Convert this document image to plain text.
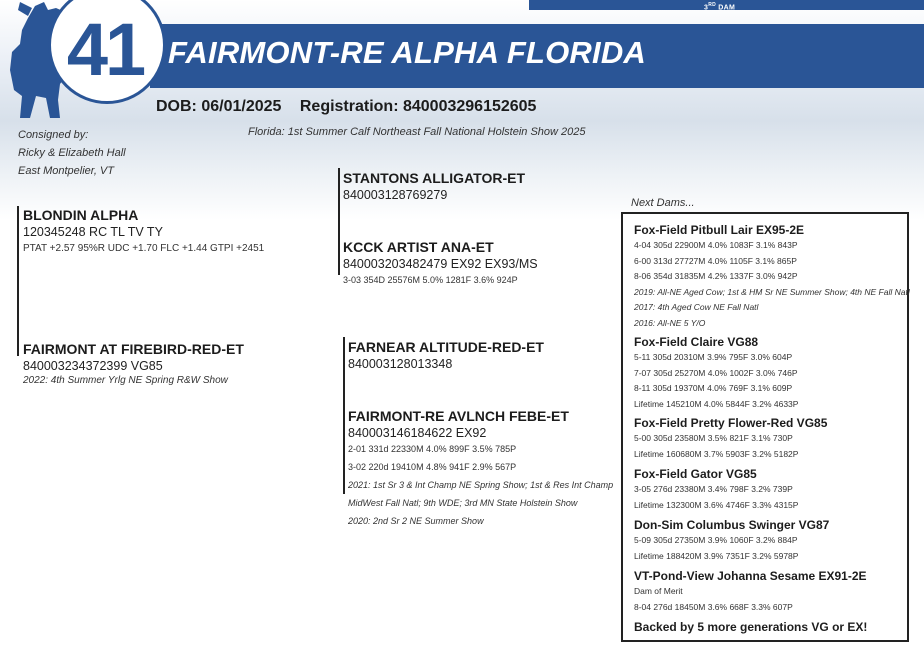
3RD DAM
FAIRMONT-RE ALPHA FLORIDA
41
DOB: 06/01/2025 Registration: 840003296152605
Consigned by:
Ricky & Elizabeth Hall
East Montpelier, VT
Florida: 1st Summer Calf Northeast Fall National Holstein Show 2025
BLONDIN ALPHA
120345248 RC TL TV TY
PTAT +2.57 95%R UDC +1.70 FLC +1.44 GTPI +2451
STANTONS ALLIGATOR-ET
840003128769279
KCCK ARTIST ANA-ET
840003203482479 EX92 EX93/MS
3-03 354D 25576M 5.0% 1281F 3.6% 924P
FAIRMONT AT FIREBIRD-RED-ET
840003234372399 VG85
2022: 4th Summer Yrlg NE Spring R&W Show
FARNEAR ALTITUDE-RED-ET
840003128013348
FAIRMONT-RE AVLNCH FEBE-ET
840003146184622 EX92
2-01 331d 22330M 4.0% 899F 3.5% 785P
3-02 220d 19410M 4.8% 941F 2.9% 567P
2021: 1st Sr 3 & Int Champ NE Spring Show; 1st & Res Int Champ
MidWest Fall Natl; 9th WDE; 3rd MN State Holstein Show
2020: 2nd Sr 2 NE Summer Show
Next Dams...
Fox-Field Pitbull Lair EX95-2E
4-04 305d 22900M 4.0% 1083F 3.1% 843P
6-00 313d 27727M 4.0% 1105F 3.1% 865P
8-06 354d 31835M 4.2% 1337F 3.0% 942P
2019: All-NE Aged Cow; 1st & HM Sr NE Summer Show; 4th NE Fall Natl
2017: 4th Aged Cow NE Fall Natl
2016: All-NE 5 Y/O
Fox-Field Claire VG88
5-11 305d 20310M 3.9% 795F 3.0% 604P
7-07 305d 25270M 4.0% 1002F 3.0% 746P
8-11 305d 19370M 4.0% 769F 3.1% 609P
Lifetime 145210M 4.0% 5844F 3.2% 4633P
Fox-Field Pretty Flower-Red VG85
5-00 305d 23580M 3.5% 821F 3.1% 730P
Lifetime 160680M 3.7% 5903F 3.2% 5182P
Fox-Field Gator VG85
3-05 276d 23380M 3.4% 798F 3.2% 739P
Lifetime 132300M 3.6% 4746F 3.3% 4315P
Don-Sim Columbus Swinger VG87
5-09 305d 27350M 3.9% 1060F 3.2% 884P
Lifetime 188420M 3.9% 7351F 3.2% 5978P
VT-Pond-View Johanna Sesame EX91-2E
Dam of Merit
8-04 276d 18450M 3.6% 668F 3.3% 607P
Backed by 5 more generations VG or EX!
